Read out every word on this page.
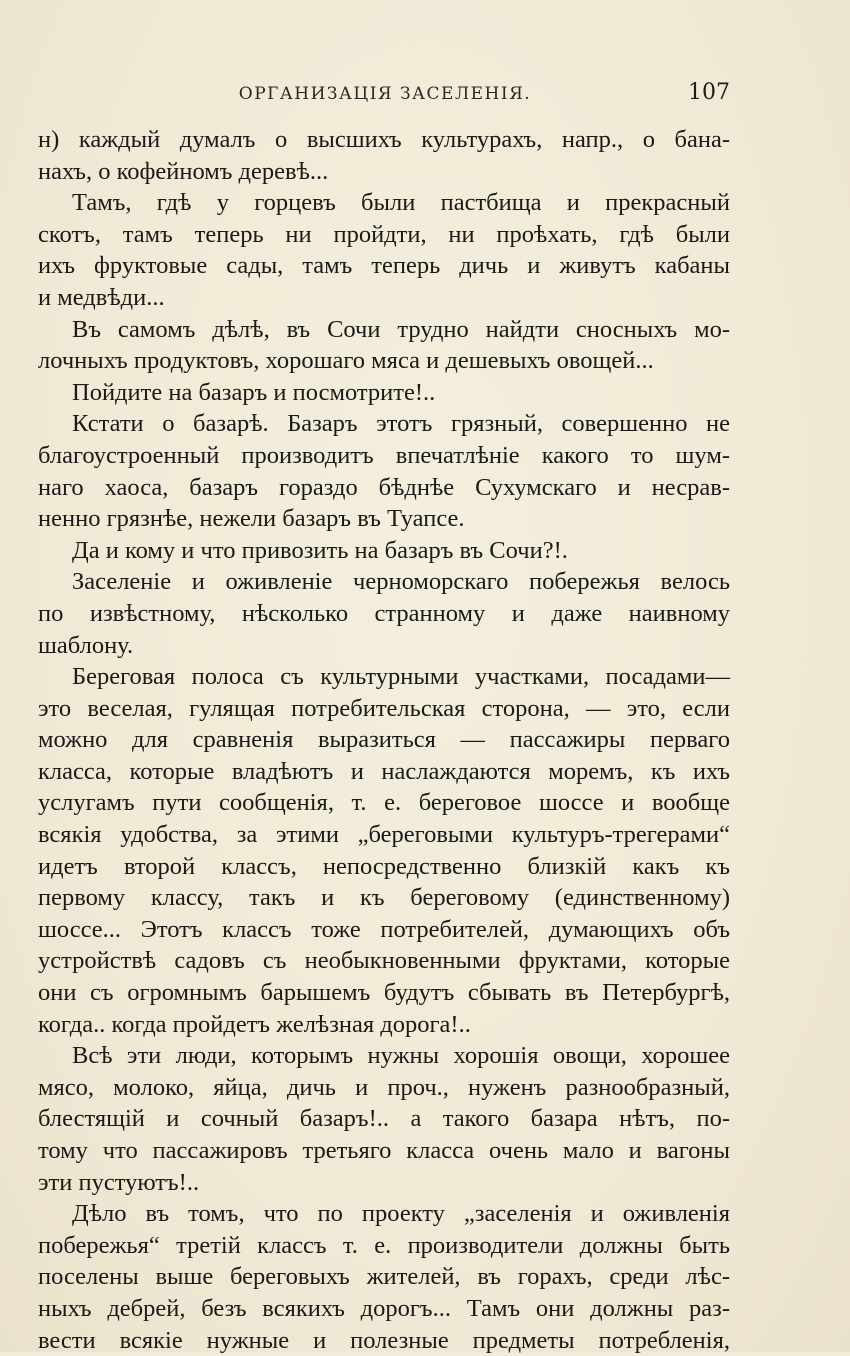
ОРГАНИЗАЦІЯ ЗАСЕЛЕНІЯ.	107
н) каждый думалъ о высшихъ культурахъ, напр., о бана-
нахъ, о кофейномъ деревѣ...
Тамъ, гдѣ у горцевъ были пастбища и прекрасный
скотъ, тамъ теперь ни пройдти, ни проѣхать, гдѣ были
ихъ фруктовые сады, тамъ теперь дичь и живутъ кабаны
и медвѣди...
Въ самомъ дѣлѣ, въ Сочи трудно найдти сносныхъ мо-
лочныхъ продуктовъ, хорошаго мяса и дешевыхъ овощей...
Пойдите на базаръ и посмотрите!..
Кстати о базарѣ. Базаръ этотъ грязный, совершенно не
благоустроенный производитъ впечатлѣніе какого то шум-
наго хаоса, базаръ гораздо бѣднѣе Сухумскаго и несрав-
ненно грязнѣе, нежели базаръ въ Туапсе.
Да и кому и что привозить на базаръ въ Сочи?!.
Заселеніе и оживленіе черноморскаго побережья велось
по извѣстному, нѣсколько странному и даже наивному
шаблону.
Береговая полоса съ культурными участками, посадами—
это веселая, гулящая потребительская сторона, — это, если
можно для сравненія выразиться — пассажиры перваго
класса, которые владѣютъ и наслаждаются моремъ, къ ихъ
услугамъ пути сообщенія, т. е. береговое шоссе и вообще
всякія удобства, за этими „береговыми культуръ-трегерами“
идетъ второй классъ, непосредственно близкій какъ къ
первому классу, такъ и къ береговому (единственному)
шоссе... Этотъ классъ тоже потребителей, думающихъ объ
устройствѣ садовъ съ необыкновенными фруктами, которые
они съ огромнымъ барышемъ будутъ сбывать въ Петербургѣ,
когда.. когда пройдетъ желѣзная дорога!..
Всѣ эти люди, которымъ нужны хорошія овощи, хорошее
мясо, молоко, яйца, дичь и проч., нуженъ разнообразный,
блестящій и сочный базаръ!.. а такого базара нѣтъ, по-
тому что пассажировъ третьяго класса очень мало и вагоны
эти пустуютъ!..
Дѣло въ томъ, что по проекту „заселенія и оживленія
побережья“ третій классъ т. е. производители должны быть
поселены выше береговыхъ жителей, въ горахъ, среди лѣс-
ныхъ дебрей, безъ всякихъ дорогъ... Тамъ они должны раз-
вести всякіе нужные и полезные предметы потребленія,
